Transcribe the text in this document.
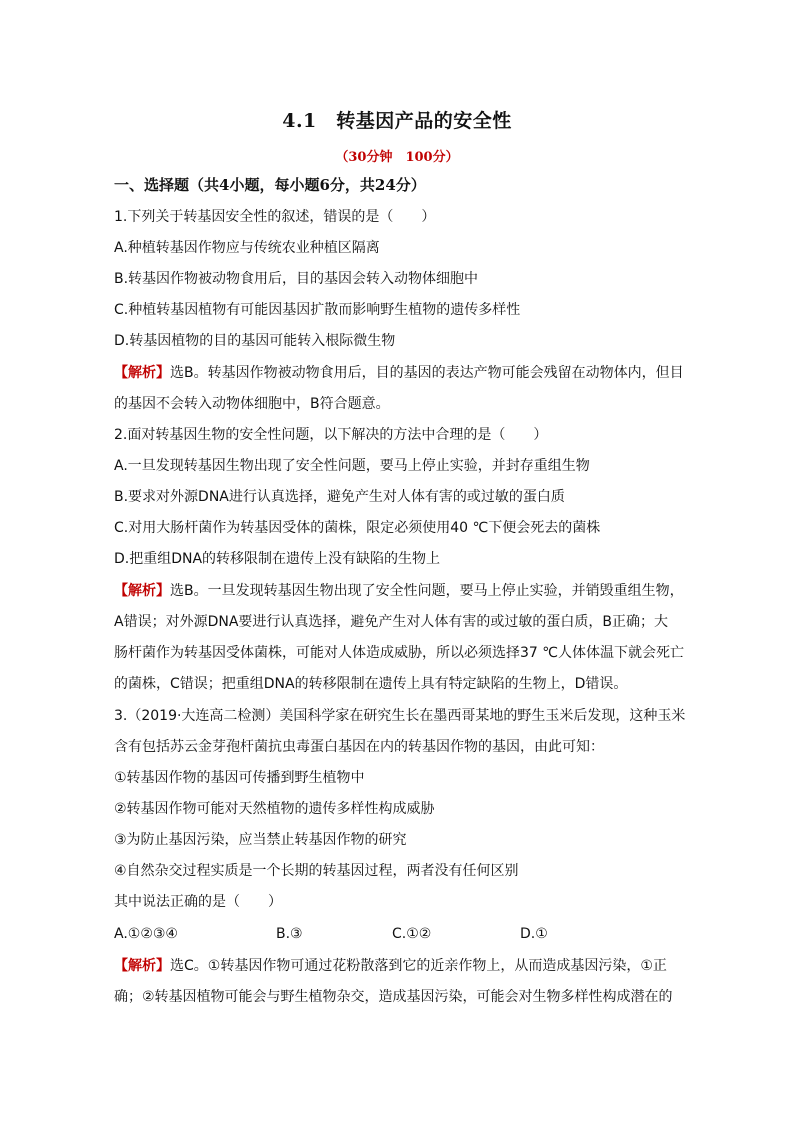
4.1　转基因产品的安全性
（30分钟　100分）
一、选择题（共4小题，每小题6分，共24分）
1.下列关于转基因安全性的叙述，错误的是（　　）
A.种植转基因作物应与传统农业种植区隔离
B.转基因作物被动物食用后，目的基因会转入动物体细胞中
C.种植转基因植物有可能因基因扩散而影响野生植物的遗传多样性
D.转基因植物的目的基因可能转入根际微生物
【解析】选B。转基因作物被动物食用后，目的基因的表达产物可能会残留在动物体内，但目
的基因不会转入动物体细胞中，B符合题意。
2.面对转基因生物的安全性问题，以下解决的方法中合理的是（　　）
A.一旦发现转基因生物出现了安全性问题，要马上停止实验，并封存重组生物
B.要求对外源DNA进行认真选择，避免产生对人体有害的或过敏的蛋白质
C.对用大肠杆菌作为转基因受体的菌株，限定必须使用40 ℃下便会死去的菌株
D.把重组DNA的转移限制在遗传上没有缺陷的生物上
【解析】选B。一旦发现转基因生物出现了安全性问题，要马上停止实验，并销毁重组生物，
A错误；对外源DNA要进行认真选择，避免产生对人体有害的或过敏的蛋白质，B正确；大
肠杆菌作为转基因受体菌株，可能对人体造成威胁，所以必须选择37 ℃人体体温下就会死亡
的菌株，C错误；把重组DNA的转移限制在遗传上具有特定缺陷的生物上，D错误。
3.（2019·大连高二检测）美国科学家在研究生长在墨西哥某地的野生玉米后发现，这种玉米
含有包括苏云金芽孢杆菌抗虫毒蛋白基因在内的转基因作物的基因，由此可知：
①转基因作物的基因可传播到野生植物中
②转基因作物可能对天然植物的遗传多样性构成威胁
③为防止基因污染，应当禁止转基因作物的研究
④自然杂交过程实质是一个长期的转基因过程，两者没有任何区别
其中说法正确的是（　　）
A.①②③④	B.③	C.①②	D.①
【解析】选C。①转基因作物可通过花粉散落到它的近亲作物上，从而造成基因污染，①正
确；②转基因植物可能会与野生植物杂交，造成基因污染，可能会对生物多样性构成潜在的
